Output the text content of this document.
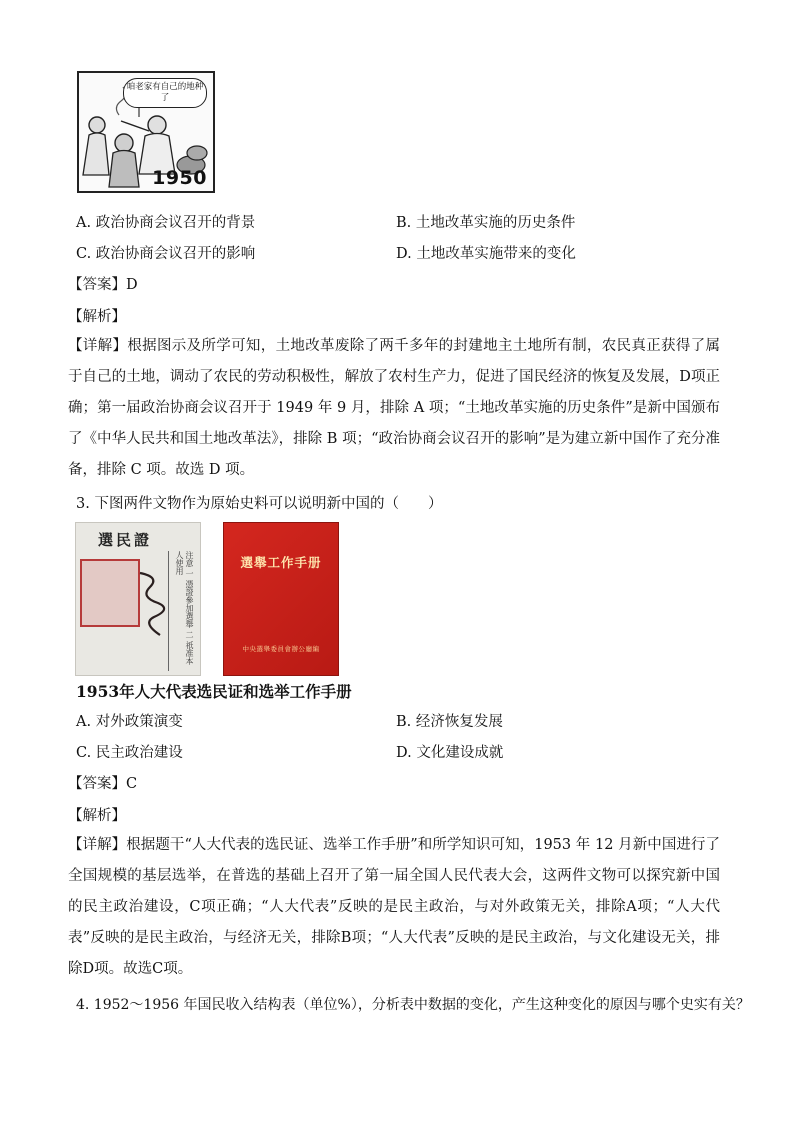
咱老家有自己的地种了
1950
A. 政治协商会议召开的背景	B. 土地改革实施的历史条件
C. 政治协商会议召开的影响	D. 土地改革实施带来的变化
【答案】D
【解析】
【详解】根据图示及所学可知，土地改革废除了两千多年的封建地主土地所有制，农民真正获得了属于自己的土地，调动了农民的劳动积极性，解放了农村生产力，促进了国民经济的恢复及发展，D项正确；第一届政治协商会议召开于 1949 年 9 月，排除 A 项；“土地改革实施的历史条件”是新中国颁布了《中华人民共和国土地改革法》，排除 B 项；“政治协商会议召开的影响”是为建立新中国作了充分准备，排除 C 项。故选 D 项。
3. 下图两件文物作为原始史料可以说明新中国的（　　）
選民證
注意 一 憑證參加選舉 二 祇准本人使用	選舉工作手册
中央選舉委員會辦公廳編
1953年人大代表选民证和选举工作手册
A. 对外政策演变	B. 经济恢复发展
C. 民主政治建设	D. 文化建设成就
【答案】C
【解析】
【详解】根据题干“人大代表的选民证、选举工作手册”和所学知识可知，1953 年 12 月新中国进行了全国规模的基层选举，在普选的基础上召开了第一届全国人民代表大会，这两件文物可以探究新中国的民主政治建设，C项正确；“人大代表”反映的是民主政治，与对外政策无关，排除A项；“人大代表”反映的是民主政治，与经济无关，排除B项；“人大代表”反映的是民主政治，与文化建设无关，排除D项。故选C项。
4. 1952～1956 年国民收入结构表（单位%），分析表中数据的变化，产生这种变化的原因与哪个史实有关？
